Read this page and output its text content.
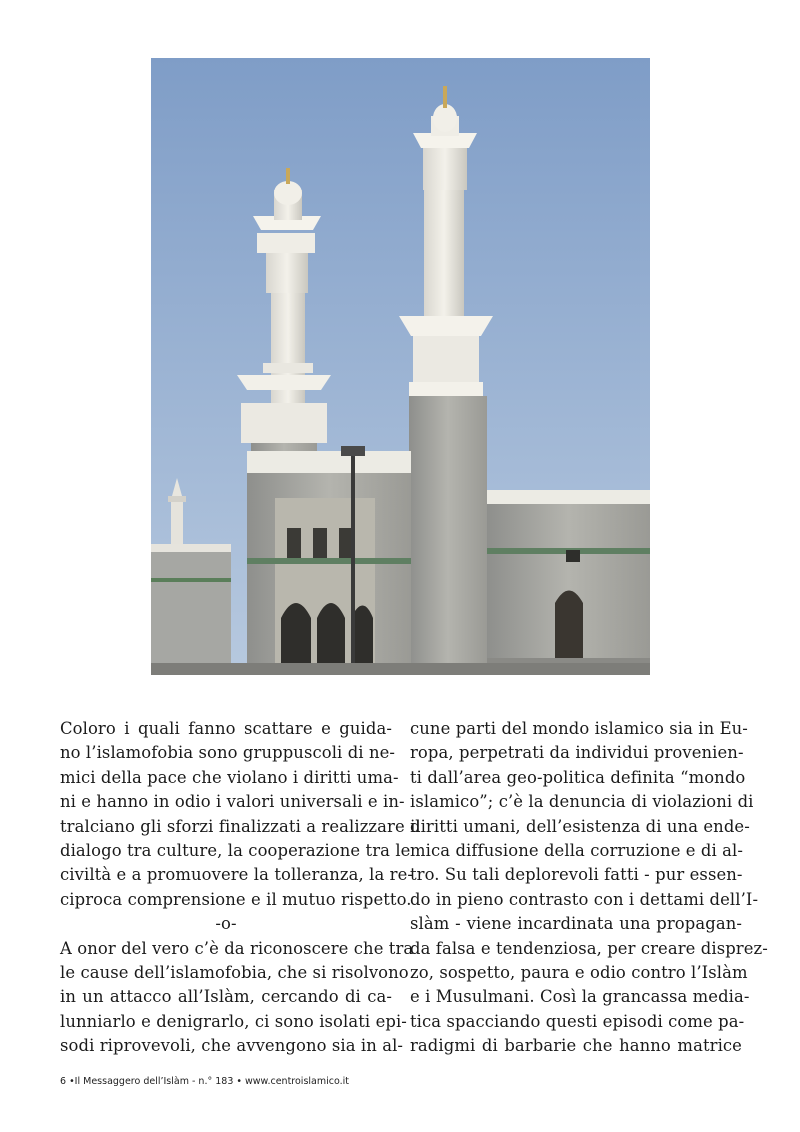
Coloro i quali fanno scattare e guida-
no l’islamofobia sono gruppuscoli di ne-
mici della pace che violano i diritti uma-
ni e hanno in odio i valori universali e in-
tralciano gli sforzi finalizzati a realizzare il
dialogo tra culture, la cooperazione tra le
civiltà e a promuovere la tolleranza, la re-
ciproca comprensione e il mutuo rispetto.
-o-
A onor del vero c’è da riconoscere che tra
le cause dell’islamofobia, che si risolvono
in un attacco all’Islàm, cercando di ca-
lunniarlo e denigrarlo, ci sono isolati epi-
sodi riprovevoli, che avvengono sia in al-
cune parti del mondo islamico sia in Eu-
ropa, perpetrati da individui provenien-
ti dall’area geo-politica definita “mondo
islamico”; c’è la denuncia di violazioni di
diritti umani, dell’esistenza di una ende-
mica diffusione della corruzione e di al-
tro. Su tali deplorevoli fatti - pur essen-
do in pieno contrasto con i dettami dell’I-
slàm - viene incardinata una propagan-
da falsa e tendenziosa, per creare disprez-
zo, sospetto, paura e odio contro l’Islàm
e i Musulmani. Così la grancassa media-
tica spacciando questi episodi come pa-
radigmi di barbarie che hanno matrice
6 •Il Messaggero dell’Islàm - n.° 183 • www.centroislamico.it
